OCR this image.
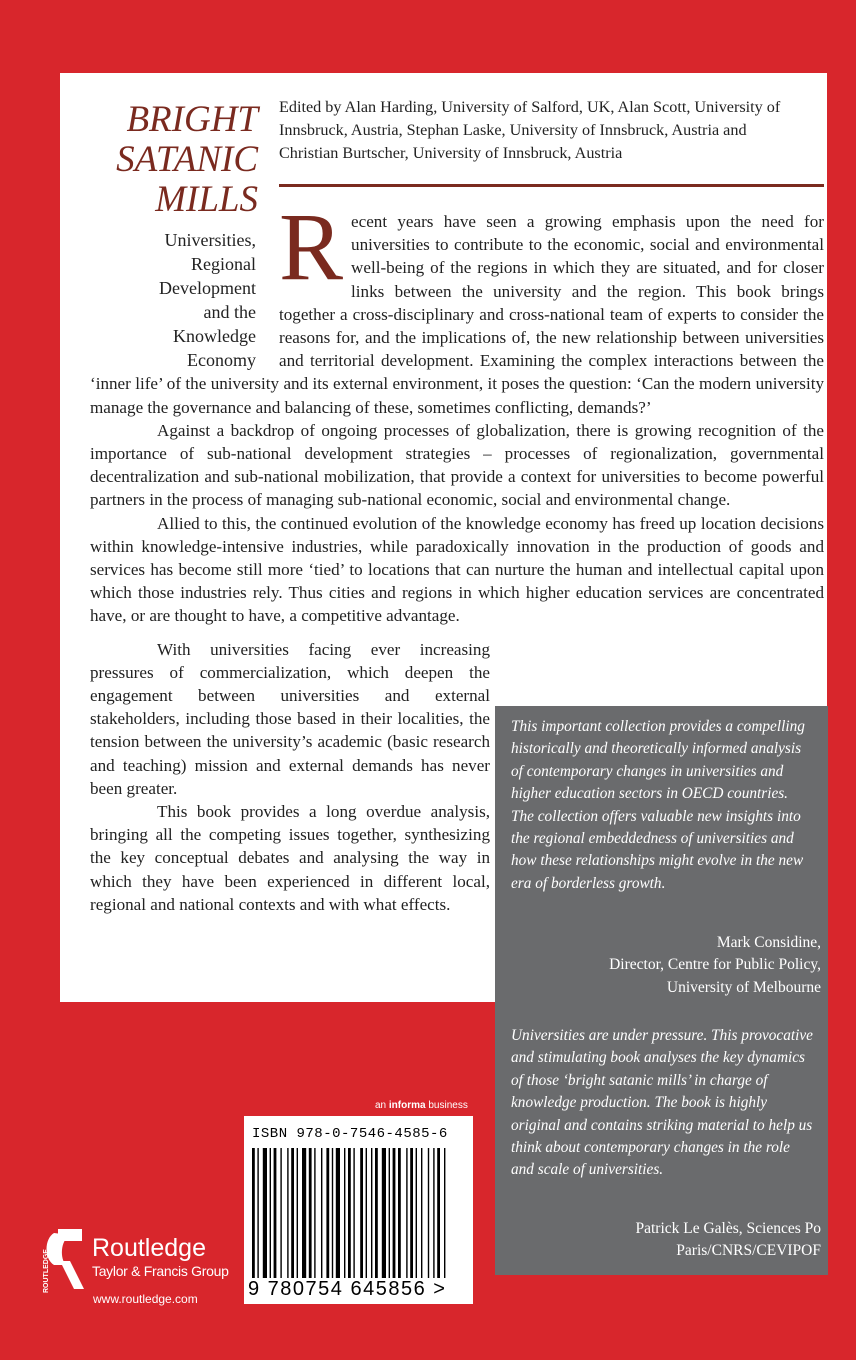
BRIGHT
SATANIC
MILLS
Universities,
Regional
Development
and the
Knowledge
Economy
Edited by Alan Harding, University of Salford, UK, Alan Scott, University of Innsbruck, Austria, Stephan Laske, University of Innsbruck, Austria and Christian Burtscher, University of Innsbruck, Austria

Recent years have seen a growing emphasis upon the need for universities to contribute to the economic, social and environmental well-being of the regions in which they are situated, and for closer links between the university and the region. This book brings together a cross-disciplinary and cross-national team of experts to consider the reasons for, and the implications of, the new relationship between universities and territorial development. Examining the complex interactions between the ‘inner life’ of the university and its external environment, it poses the question: ‘Can the modern university manage the governance and balancing of these, sometimes conflicting, demands?’

Against a backdrop of ongoing processes of globalization, there is growing recognition of the importance of sub-national development strategies – processes of regionalization, governmental decentralization and sub-national mobilization, that provide a context for universities to become powerful partners in the process of managing sub-national economic, social and environmental change.

Allied to this, the continued evolution of the knowledge economy has freed up location decisions within knowledge-intensive industries, while paradoxically innovation in the production of goods and services has become still more ‘tied’ to locations that can nurture the human and intellectual capital upon which those industries rely. Thus cities and regions in which higher education services are concentrated have, or are thought to have, a competitive advantage.

With universities facing ever increasing pressures of commercialization, which deepen the engagement between universities and external stakeholders, including those based in their localities, the tension between the university’s academic (basic research and teaching) mission and external demands has never been greater.

This book provides a long overdue analysis, bringing all the competing issues together, synthesizing the key conceptual debates and analysing the way in which they have been experienced in different local, regional and national contexts and with what effects.

This important collection provides a compelling historically and theoretically informed analysis of contemporary changes in universities and higher education sectors in OECD countries. The collection offers valuable new insights into the regional embeddedness of universities and how these relationships might evolve in the new era of borderless growth.
Mark Considine,
Director, Centre for Public Policy,
University of Melbourne
Universities are under pressure. This provocative and stimulating book analyses the key dynamics of those ‘bright satanic mills’ in charge of knowledge production. The book is highly original and contains striking material to help us think about contemporary changes in the role and scale of universities.
Patrick Le Galès, Sciences Po
Paris/CNRS/CEVIPOF
an informa business
ISBN 978-0-7546-4585-6
9 780754 645856 >
ROUTLEDGE
Routledge
Taylor & Francis Group
www.routledge.com
